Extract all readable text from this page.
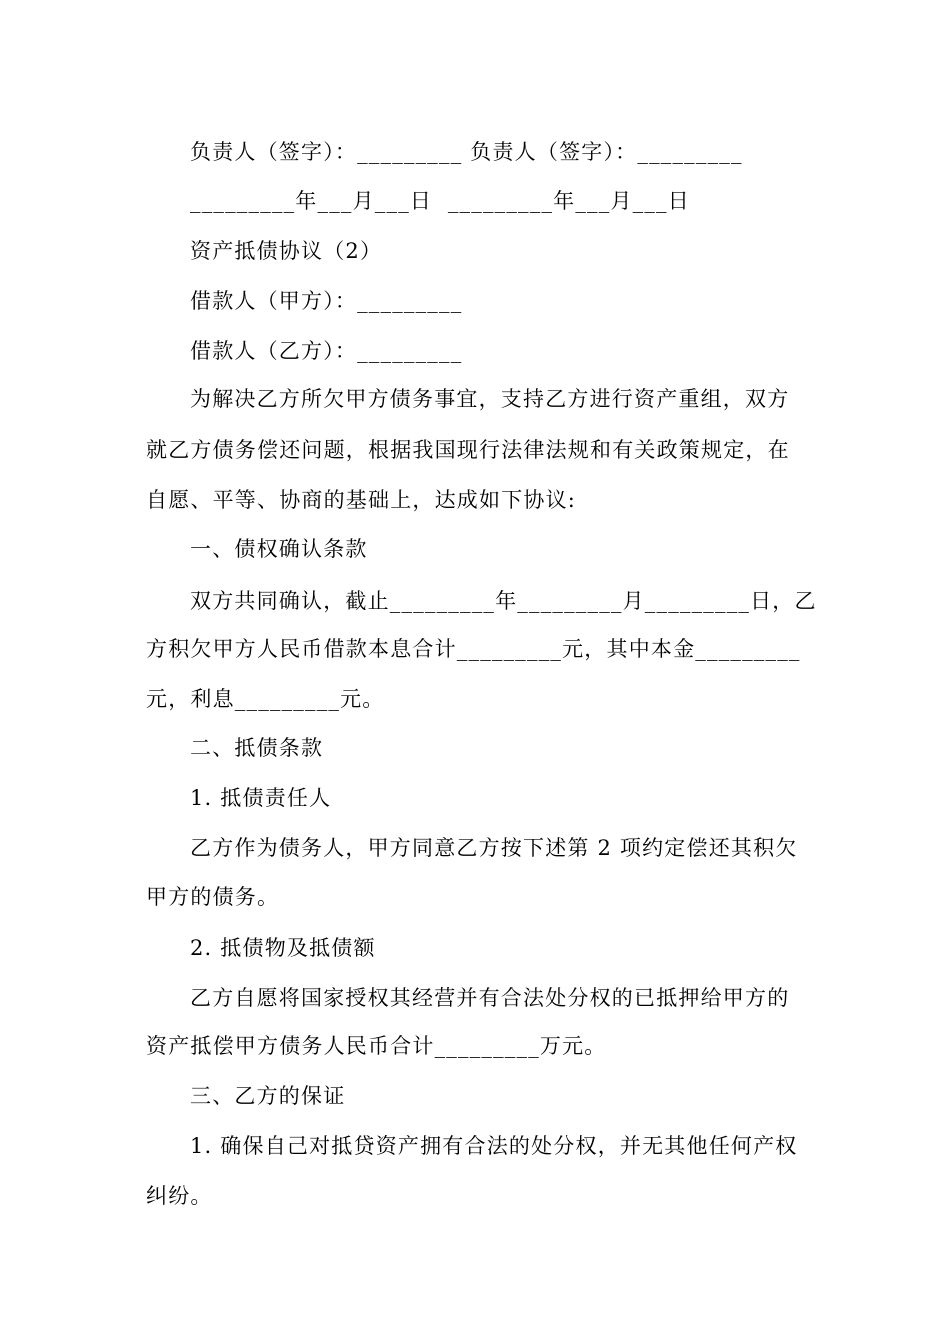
负责人（签字）：_________ 负责人（签字）：_________
_________年___月___日  _________年___月___日
资产抵债协议（2）
借款人（甲方）：_________
借款人（乙方）：_________
为解决乙方所欠甲方债务事宜，支持乙方进行资产重组，双方
就乙方债务偿还问题，根据我国现行法律法规和有关政策规定，在
自愿、平等、协商的基础上，达成如下协议:
一、债权确认条款
双方共同确认，截止_________年_________月_________日，乙
方积欠甲方人民币借款本息合计_________元，其中本金_________
元，利息_________元。
二、抵债条款
1. 抵债责任人
乙方作为债务人，甲方同意乙方按下述第 2 项约定偿还其积欠
甲方的债务。
2. 抵债物及抵债额
乙方自愿将国家授权其经营并有合法处分权的已抵押给甲方的
资产抵偿甲方债务人民币合计_________万元。
三、乙方的保证
1. 确保自己对抵贷资产拥有合法的处分权，并无其他任何产权
纠纷。
